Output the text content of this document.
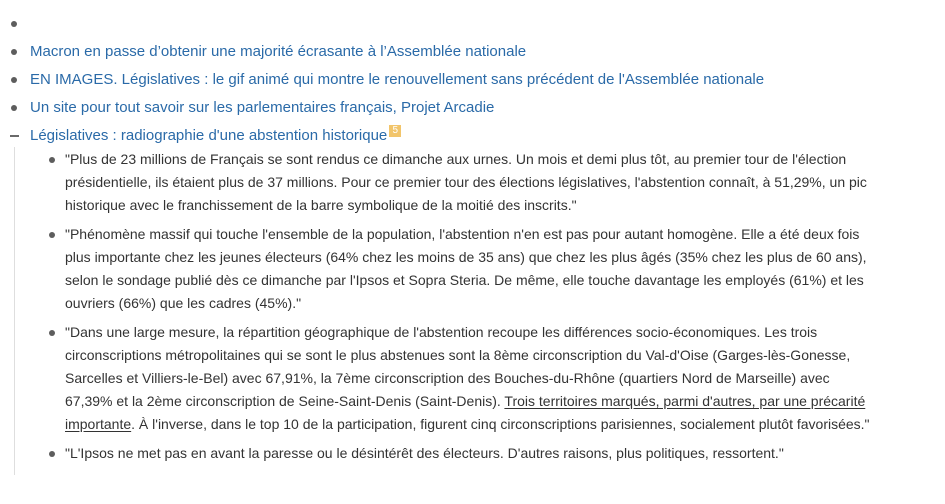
Macron en passe d’obtenir une majorité écrasante à l’Assemblée nationale
EN IMAGES. Législatives : le gif animé qui montre le renouvellement sans précédent de l'Assemblée nationale
Un site pour tout savoir sur les parlementaires français, Projet Arcadie
Législatives : radiographie d'une abstention historique 5
"Plus de 23 millions de Français se sont rendus ce dimanche aux urnes. Un mois et demi plus tôt, au premier tour de l'élection présidentielle, ils étaient plus de 37 millions. Pour ce premier tour des élections législatives, l'abstention connaît, à 51,29%, un pic historique avec le franchissement de la barre symbolique de la moitié des inscrits."
"Phénomène massif qui touche l'ensemble de la population, l'abstention n'en est pas pour autant homogène. Elle a été deux fois plus importante chez les jeunes électeurs (64% chez les moins de 35 ans) que chez les plus âgés (35% chez les plus de 60 ans), selon le sondage publié dès ce dimanche par l'Ipsos et Sopra Steria. De même, elle touche davantage les employés (61%) et les ouvriers (66%) que les cadres (45%)."
"Dans une large mesure, la répartition géographique de l'abstention recoupe les différences socio-économiques. Les trois circonscriptions métropolitaines qui se sont le plus abstenues sont la 8ème circonscription du Val-d'Oise (Garges-lès-Gonesse, Sarcelles et Villiers-le-Bel) avec 67,91%, la 7ème circonscription des Bouches-du-Rhône (quartiers Nord de Marseille) avec 67,39% et la 2ème circonscription de Seine-Saint-Denis (Saint-Denis). Trois territoires marqués, parmi d'autres, par une précarité importante. À l'inverse, dans le top 10 de la participation, figurent cinq circonscriptions parisiennes, socialement plutôt favorisées."
"L'Ipsos ne met pas en avant la paresse ou le désintérêt des électeurs. D'autres raisons, plus politiques, ressortent."
